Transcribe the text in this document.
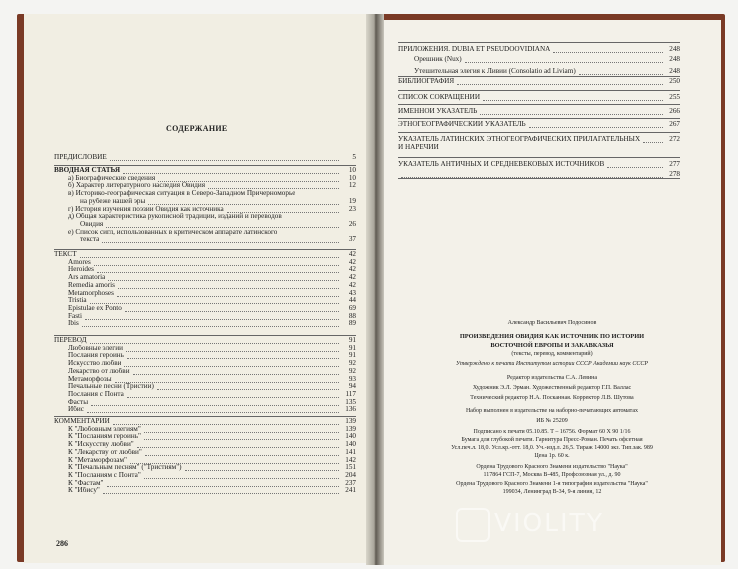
СОДЕРЖАНИЕ
ПРЕДИСЛОВИЕ	5
ВВОДНАЯ СТАТЬЯ	10
а) Биографические сведения	10
б) Характер литературного наследия Овидия	12
в) Историко-географическая ситуация в Северо-Западном Причерноморье
на рубеже нашей эры	19
г) История изучения поэзии Овидия как источника	23
д) Общая характеристика рукописной традиции, изданий и переводов
Овидия	26
е) Список сигл, использованных в критическом аппарате латинского
текста	37
ТЕКСТ	42
Amores	42
Heroides	42
Ars amatoria	42
Remedia amoris	42
Metamorphoses	43
Tristia	44
Epistulae ex Ponto	69
Fasti	88
Ibis	89
ПЕРЕВОД	91
Любовные элегии	91
Послания героинь	91
Искусство любви	92
Лекарство от любви	92
Метаморфозы	93
Печальные песни (Тристии)	94
Послания с Понта	117
Фасты	135
Ибис	136
КОММЕНТАРИЙ	139
К "Любовным элегиям"	139
К "Посланиям героинь"	140
К "Искусству любви"	140
К "Лекарству от любви"	141
К "Метаморфозам"	142
К "Печальным песням" ("Тристиям")	151
К "Посланиям с Понта"	204
К "Фастам"	237
К "Ибису"	241
286
ПРИЛОЖЕНИЯ. DUBIA ET PSEUDOOVIDIANA	248
Орешник (Nux)	248
Утешительная элегия к Ливии (Consolatio ad Liviam)	248
БИБЛИОГРАФИЯ	250
СПИСОК СОКРАЩЕНИЙ	255
ИМЕННОЙ УКАЗАТЕЛЬ	266
ЭТНОГЕОГРАФИЧЕСКИЙ УКАЗАТЕЛЬ	267
УКАЗАТЕЛЬ ЛАТИНСКИХ ЭТНОГЕОГРАФИЧЕСКИХ ПРИЛАГАТЕЛЬНЫХ	272
И НАРЕЧИЙ
УКАЗАТЕЛЬ АНТИЧНЫХ И СРЕДНЕВЕКОВЫХ ИСТОЧНИКОВ	277
278
Александр Васильевич Подосинов
ПРОИЗВЕДЕНИЯ ОВИДИЯ КАК ИСТОЧНИК ПО ИСТОРИИ
ВОСТОЧНОЙ ЕВРОПЫ И ЗАКАВКАЗЬЯ
(тексты, перевод, комментарий)
Утверждено к печати Институтом истории СССР Академии наук СССР
Редактор издательства С.А. Левина
Художник Э.Л. Эрман. Художественный редактор Г.П. Валлас
Технический редактор Н.А. Посканная. Корректор Л.В. Шутова
Набор выполнен в издательстве на наборно-печатающих автоматах
ИБ № 25209
Подписано к печати 05.10.85. Т – 16756. Формат 60 Х 90 1/16
Бумага для глубокой печати. Гарнитура Пресс-Роман. Печать офсетная
Усл.печ.л. 18,0. Усл.кр.-отт. 18,0. Уч.-изд.л. 26,5. Тираж 14000 экз. Тип.зак. 989
Цена 1р. 60 к.
Ордена Трудового Красного Знамени издательство "Наука"
117864 ГСП-7, Москва В-485, Профсоюзная ул., д. 90
Ордена Трудового Красного Знамени 1-я типография издательства "Наука"
199034, Ленинград В-34, 9-я линия, 12
VIOLITY
